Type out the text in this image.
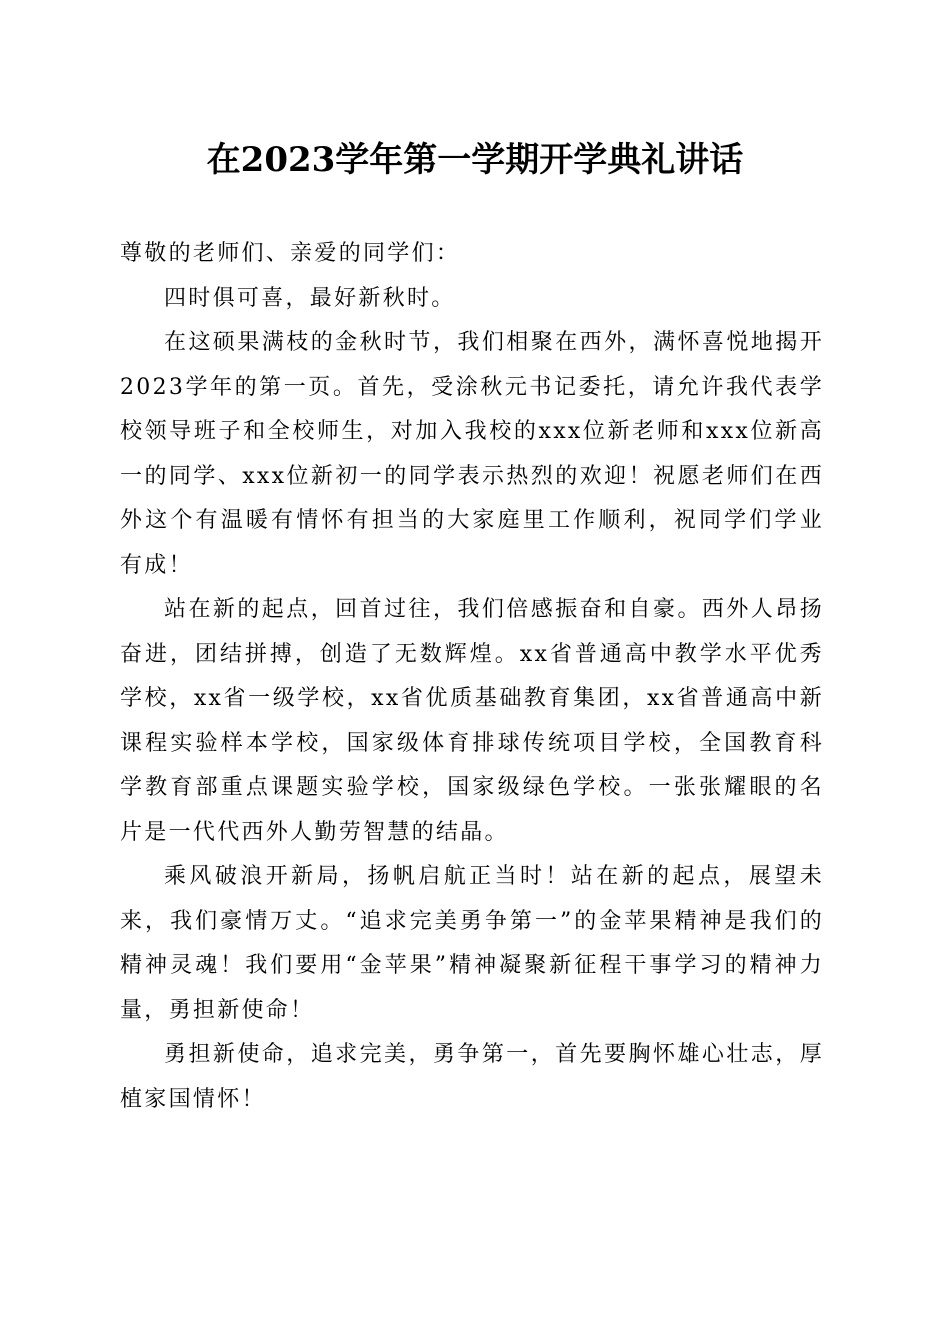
在2023学年第一学期开学典礼讲话

尊敬的老师们、亲爱的同学们：

四时俱可喜，最好新秋时。

在这硕果满枝的金秋时节，我们相聚在西外，满怀喜悦地揭开2023学年的第一页。首先，受涂秋元书记委托，请允许我代表学校领导班子和全校师生，对加入我校的xxx位新老师和xxx位新高一的同学、xxx位新初一的同学表示热烈的欢迎！祝愿老师们在西外这个有温暖有情怀有担当的大家庭里工作顺利，祝同学们学业有成！

站在新的起点，回首过往，我们倍感振奋和自豪。西外人昂扬奋进，团结拼搏，创造了无数辉煌。xx省普通高中教学水平优秀学校，xx省一级学校，xx省优质基础教育集团，xx省普通高中新课程实验样本学校，国家级体育排球传统项目学校，全国教育科学教育部重点课题实验学校，国家级绿色学校。一张张耀眼的名片是一代代西外人勤劳智慧的结晶。

乘风破浪开新局，扬帆启航正当时！站在新的起点，展望未来，我们豪情万丈。“追求完美勇争第一”的金苹果精神是我们的精神灵魂！我们要用“金苹果”精神凝聚新征程干事学习的精神力量，勇担新使命！

勇担新使命，追求完美，勇争第一，首先要胸怀雄心壮志，厚植家国情怀！
